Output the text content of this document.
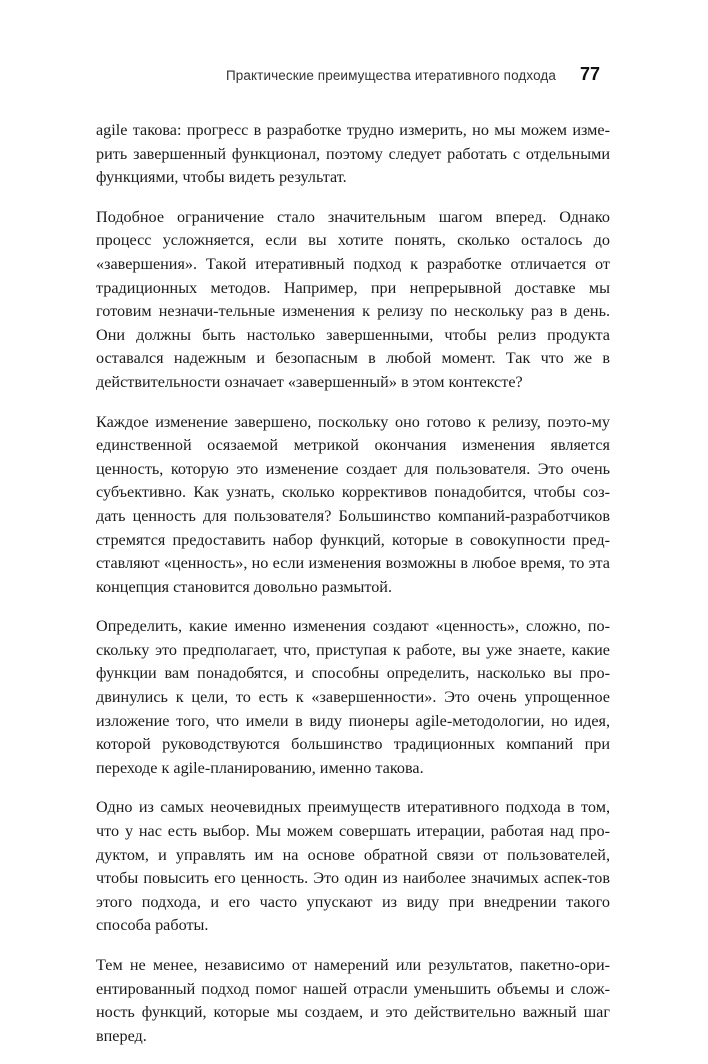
Практические преимущества итеративного подхода 77

agile такова: прогресс в разработке трудно измерить, но мы можем изме-рить завершенный функционал, поэтому следует работать с отдельными функциями, чтобы видеть результат.

Подобное ограничение стало значительным шагом вперед. Однако процесс усложняется, если вы хотите понять, сколько осталось до «завершения». Такой итеративный подход к разработке отличается от традиционных методов. Например, при непрерывной доставке мы готовим незначи-тельные изменения к релизу по нескольку раз в день. Они должны быть настолько завершенными, чтобы релиз продукта оставался надежным и безопасным в любой момент. Так что же в действительности означает «завершенный» в этом контексте?

Каждое изменение завершено, поскольку оно готово к релизу, поэто-му единственной осязаемой метрикой окончания изменения является ценность, которую это изменение создает для пользователя. Это очень субъективно. Как узнать, сколько коррективов понадобится, чтобы соз-дать ценность для пользователя? Большинство компаний-разработчиков стремятся предоставить набор функций, которые в совокупности пред-ставляют «ценность», но если изменения возможны в любое время, то эта концепция становится довольно размытой.

Определить, какие именно изменения создают «ценность», сложно, по-скольку это предполагает, что, приступая к работе, вы уже знаете, какие функции вам понадобятся, и способны определить, насколько вы про-двинулись к цели, то есть к «завершенности». Это очень упрощенное изложение того, что имели в виду пионеры agile-методологии, но идея, которой руководствуются большинство традиционных компаний при переходе к agile-планированию, именно такова.

Одно из самых неочевидных преимуществ итеративного подхода в том, что у нас есть выбор. Мы можем совершать итерации, работая над про-дуктом, и управлять им на основе обратной связи от пользователей, чтобы повысить его ценность. Это один из наиболее значимых аспек-тов этого подхода, и его часто упускают из виду при внедрении такого способа работы.

Тем не менее, независимо от намерений или результатов, пакетно-ори-ентированный подход помог нашей отрасли уменьшить объемы и слож-ность функций, которые мы создаем, и это действительно важный шаг вперед.
